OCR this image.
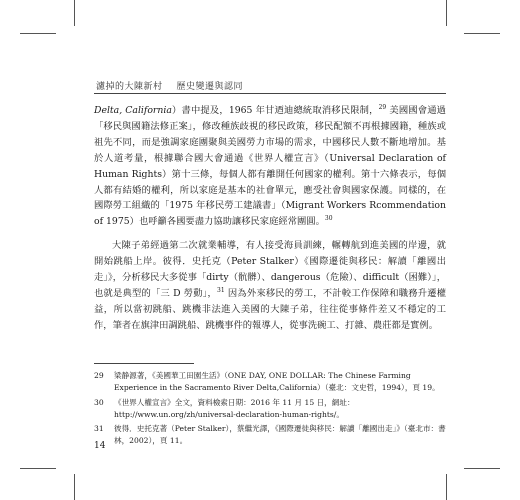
濾掉的大陳新村 歷史變遷與認同

Delta, California）書中提及，1965 年甘迺迪總統取消移民限制，$^{29}$ 美國國會通過「移民與國籍法修正案」，修改種族歧視的移民政策，移民配額不再根據國籍，種族或祖先不同，而是強調家庭團聚與美國勞力市場的需求，中國移民人數不斷地增加。基於人道考量，根據聯合國大會通過《世界人權宣言》（Universal Declaration of Human Rights）第十三條，每個人都有離開任何國家的權利。第十六條表示，每個人都有結婚的權利，所以家庭是基本的社會單元，應受社會與國家保護。同樣的，在國際勞工組織的「1975 年移民勞工建議書」（Migrant Workers Rcommendation of 1975）也呼籲各國要盡力協助讓移民家庭經常團圓。$^{30}$

大陳子弟經過第二次就業輔導，有人接受海員訓練，輾轉航到進美國的岸邊，就開始跳船上岸。彼得．史托克（Peter Stalker）《國際遷徙與移民：解讀「離國出走」》，分析移民大多從事「dirty（骯髒）、dangerous（危險）、difficult（困難）」，也就是典型的「三 D 勞動」，$^{31}$ 因為外來移民的勞工，不計較工作保障和職務升遷權益，所以當初跳船、跳機非法進入美國的大陳子弟，往往從事條件差又不穩定的工作，筆者在旗津田調跳船、跳機事件的報導人，從事洗碗工、打雜、農莊都是實例。

29	梁静源著，《美國華工田園生活》（ONE DAY, ONE DOLLAR: The Chinese Farming Experience in the Sacramento River Delta,California）（臺北：文史哲，1994），頁 19。
30	《世界人權宣言》全文，資料檢索日期：2016 年 11 月 15 日，網址：http://www.un.org/zh/universal-declaration-human-rights/。
31	彼得．史托克著（Peter Stalker），蔡繼光譯，《國際遷徙與移民：解讀「離國出走」》（臺北市：書林，2002），頁 11。
14
